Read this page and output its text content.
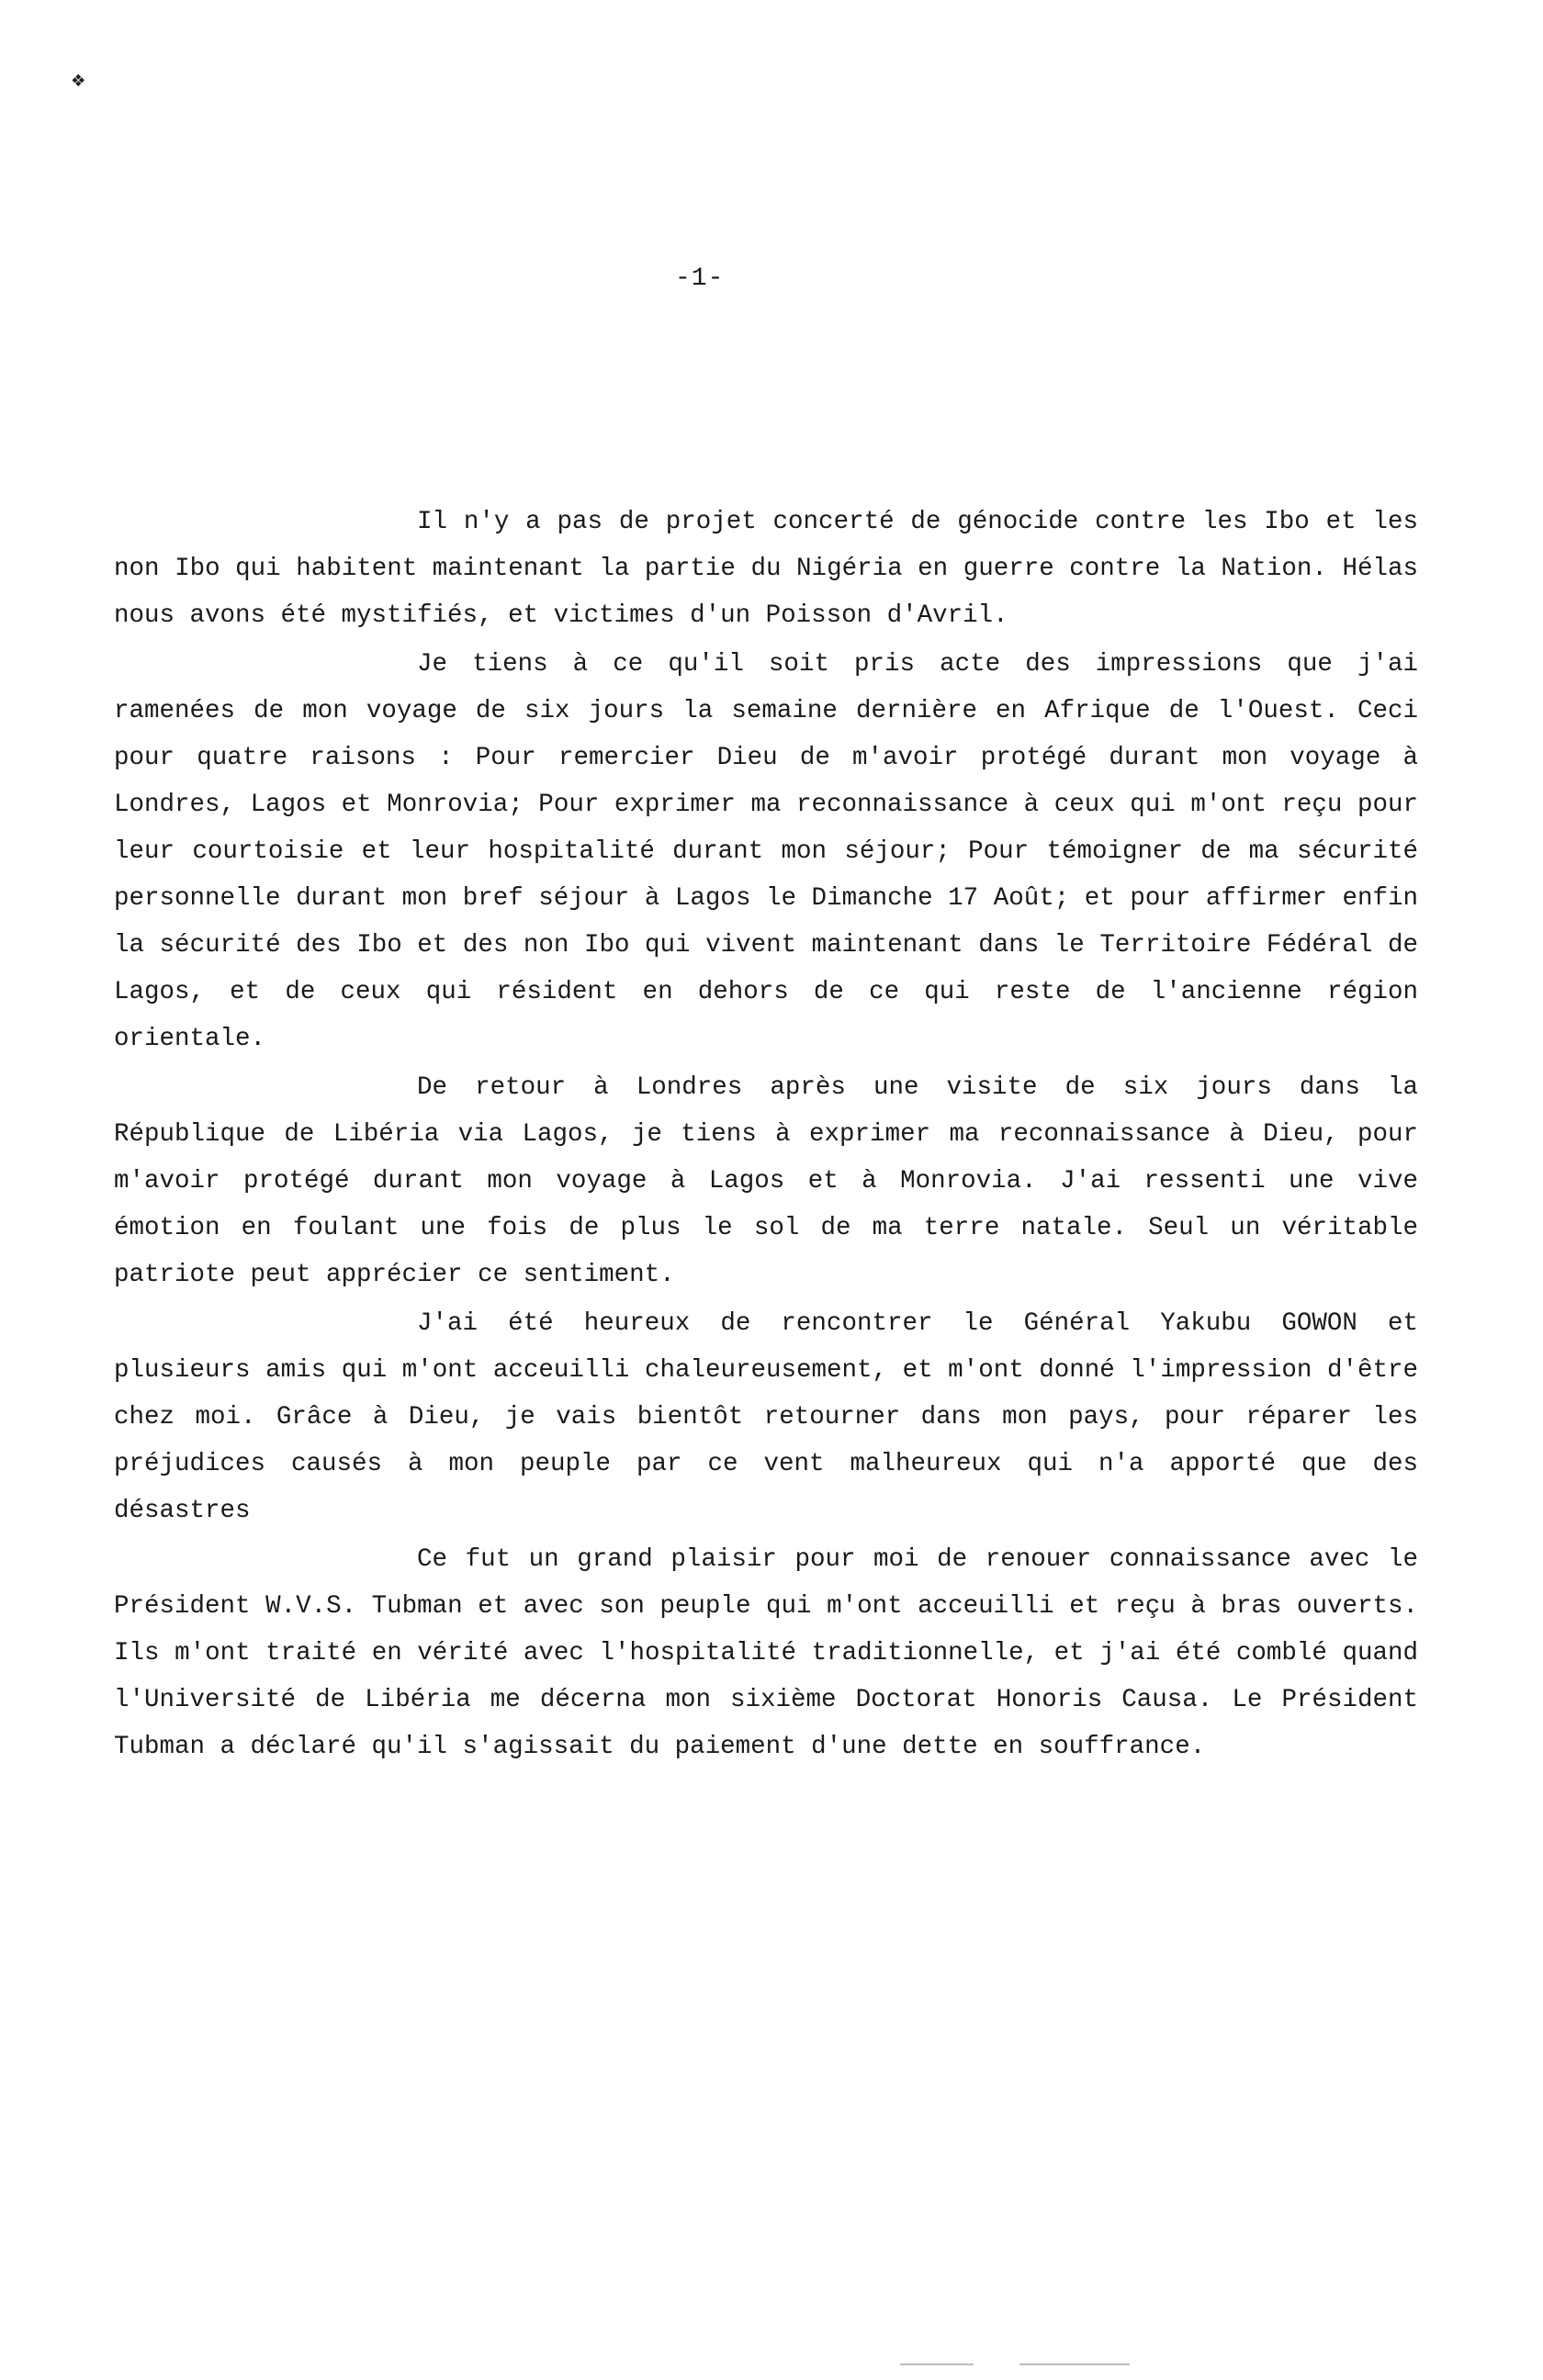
❖
-1-

Il n'y a pas de projet concerté de génocide contre les Ibo et les non Ibo qui habitent maintenant la partie du Nigéria en guerre contre la Nation. Hélas nous avons été mystifiés, et victimes d'un Poisson d'Avril.

Je tiens à ce qu'il soit pris acte des impressions que j'ai ramenées de mon voyage de six jours la semaine dernière en Afrique de l'Ouest. Ceci pour quatre raisons : Pour remercier Dieu de m'avoir protégé durant mon voyage à Londres, Lagos et Monrovia; Pour exprimer ma reconnaissance à ceux qui m'ont reçu pour leur courtoisie et leur hospitalité durant mon séjour; Pour témoigner de ma sécurité personnelle durant mon bref séjour à Lagos le Dimanche 17 Août; et pour affirmer enfin la sécurité des Ibo et des non Ibo qui vivent maintenant dans le Territoire Fédéral de Lagos, et de ceux qui résident en dehors de ce qui reste de l'ancienne région orientale.

De retour à Londres après une visite de six jours dans la République de Libéria via Lagos, je tiens à exprimer ma reconnaissance à Dieu, pour m'avoir protégé durant mon voyage à Lagos et à Monrovia. J'ai ressenti une vive émotion en foulant une fois de plus le sol de ma terre natale. Seul un véritable patriote peut apprécier ce sentiment.

J'ai été heureux de rencontrer le Général Yakubu GOWON et plusieurs amis qui m'ont acceuilli chaleureusement, et m'ont donné l'impression d'être chez moi. Grâce à Dieu, je vais bientôt retourner dans mon pays, pour réparer les préjudices causés à mon peuple par ce vent malheureux qui n'a apporté que des désastres

Ce fut un grand plaisir pour moi de renouer connaissance avec le Président W.V.S. Tubman et avec son peuple qui m'ont acceuilli et reçu à bras ouverts. Ils m'ont traité en vérité avec l'hospitalité traditionnelle, et j'ai été comblé quand l'Université de Libéria me décerna mon sixième Doctorat Honoris Causa. Le Président Tubman a déclaré qu'il s'agissait du paiement d'une dette en souffrance.
